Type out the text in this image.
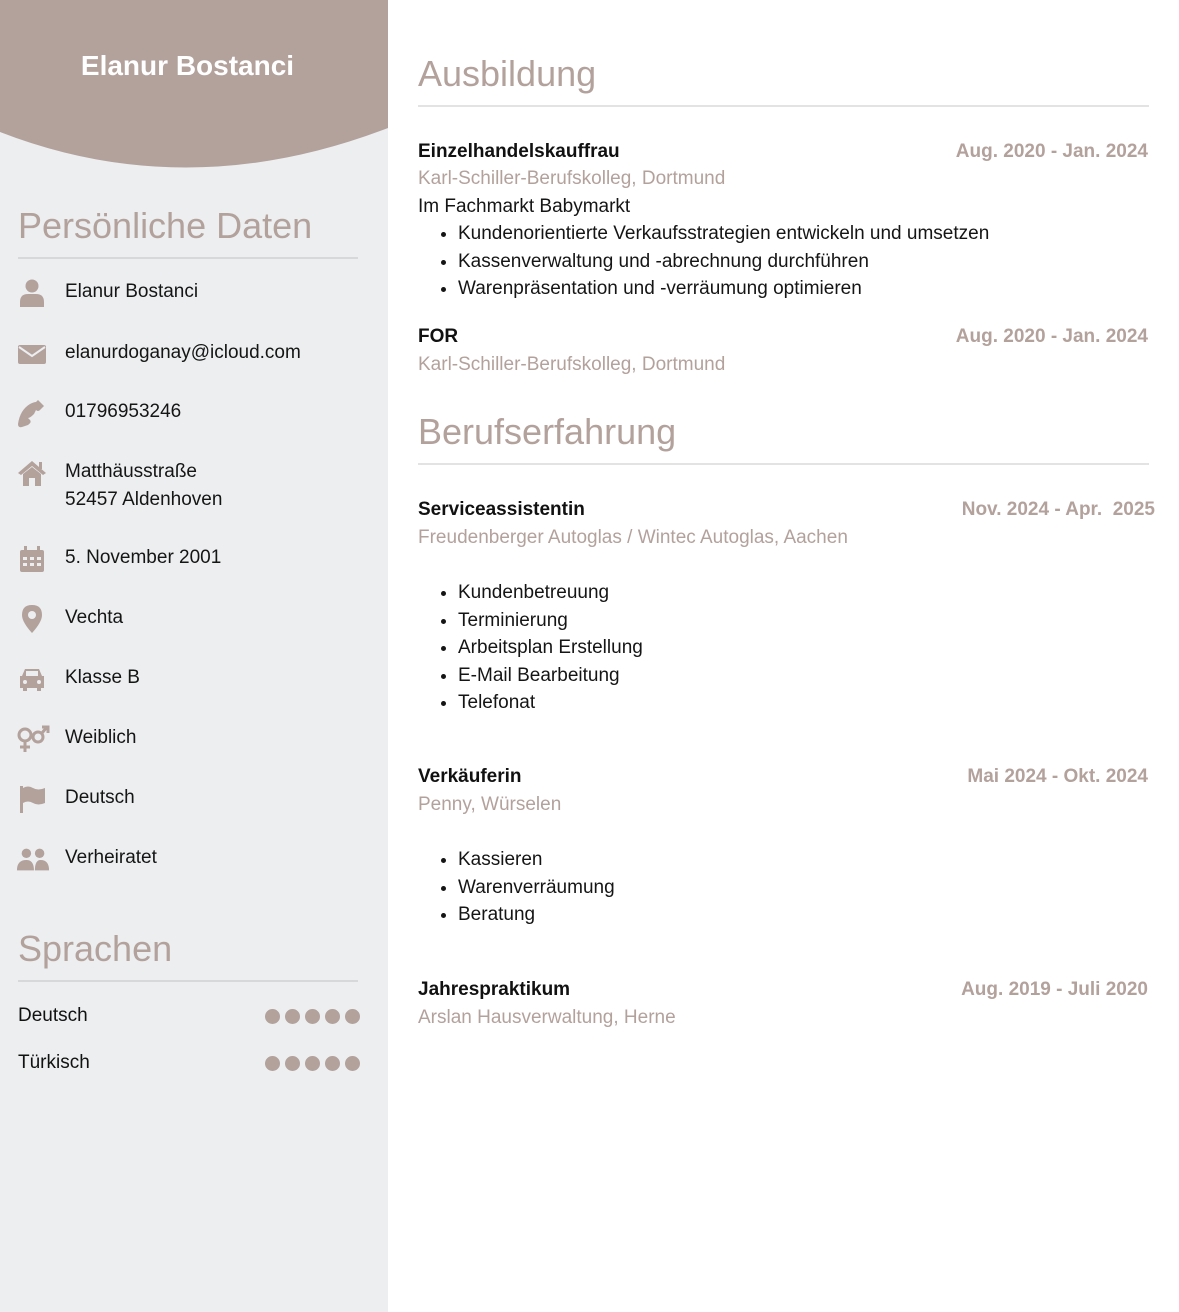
Elanur Bostanci
Persönliche Daten
Elanur Bostanci
elanurdoganay@icloud.com
01796953246
Matthäusstraße
52457 Aldenhoven
5. November 2001
Vechta
Klasse B
Weiblich
Deutsch
Verheiratet
Sprachen
Deutsch
Türkisch
Ausbildung
Einzelhandelskauffrau	Aug. 2020 - Jan. 2024
Karl-Schiller-Berufskolleg, Dortmund
Im Fachmarkt Babymarkt
• Kundenorientierte Verkaufsstrategien entwickeln und umsetzen
• Kassenverwaltung und -abrechnung durchführen
• Warenpräsentation und -verräumung optimieren
FOR	Aug. 2020 - Jan. 2024
Karl-Schiller-Berufskolleg, Dortmund
Berufserfahrung
Serviceassistentin	Nov. 2024 - Apr.  2025
Freudenberger Autoglas / Wintec Autoglas, Aachen
• Kundenbetreuung
• Terminierung
• Arbeitsplan Erstellung
• E-Mail Bearbeitung
• Telefonat
Verkäuferin	Mai 2024 - Okt. 2024
Penny, Würselen
• Kassieren
• Warenverräumung
• Beratung
Jahrespraktikum	Aug. 2019 - Juli 2020
Arslan Hausverwaltung, Herne
